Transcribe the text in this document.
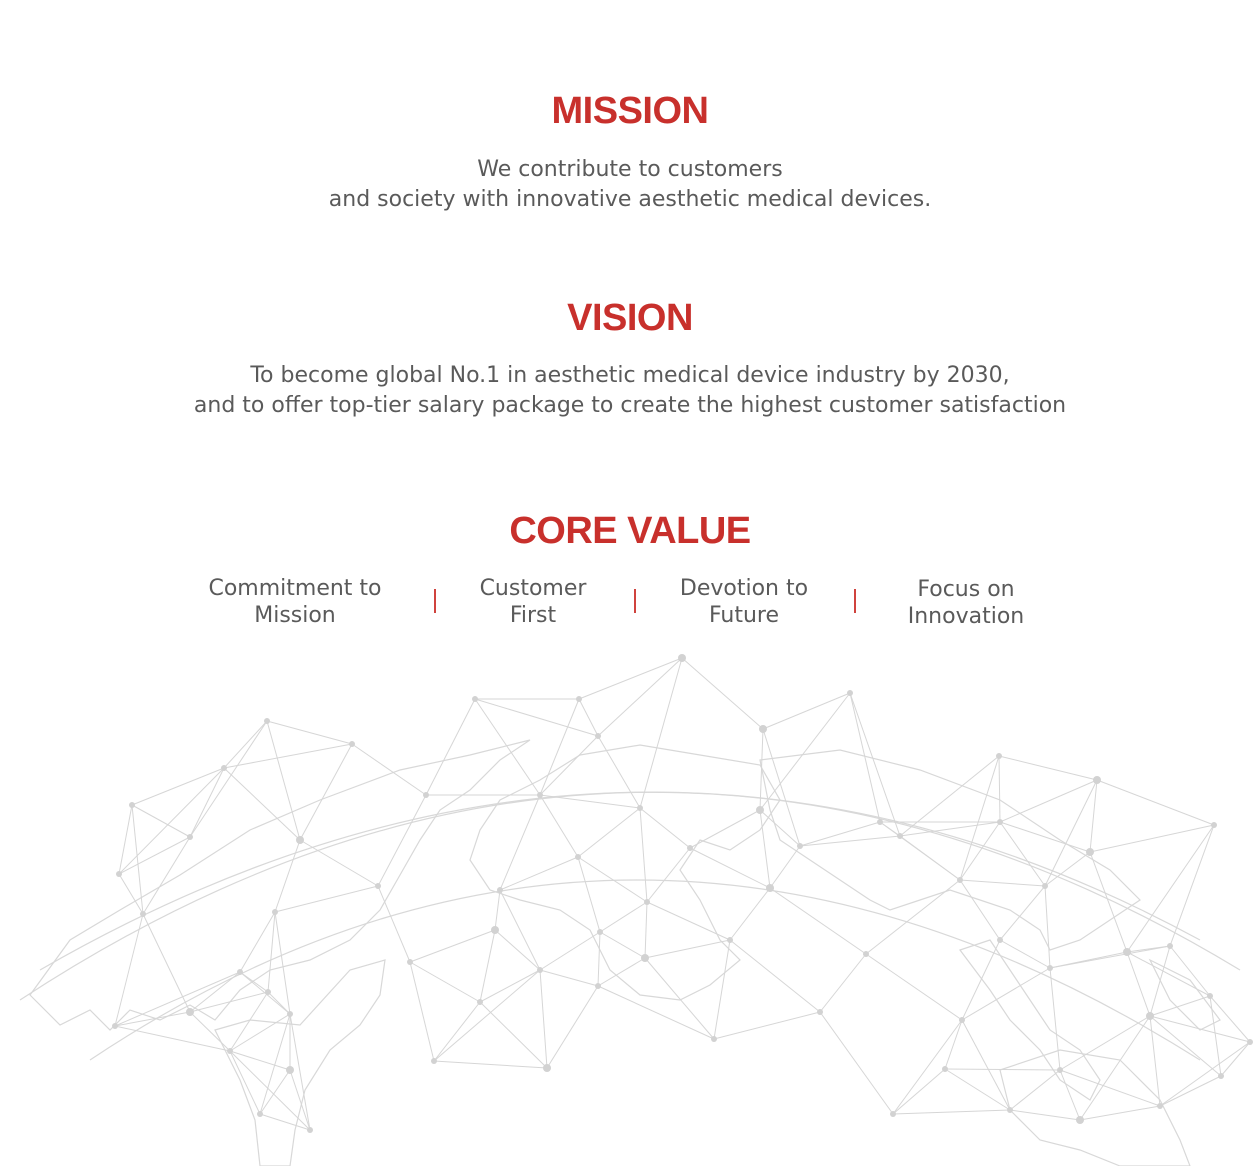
MISSION

We contribute to customers
and society with innovative aesthetic medical devices.

VISION

To become global No.1 in aesthetic medical device industry by 2030,
and to offer top-tier salary package to create the highest customer satisfaction

CORE VALUE
Commitment to
Mission
Customer
First
Devotion to
Future
Focus on
Innovation
